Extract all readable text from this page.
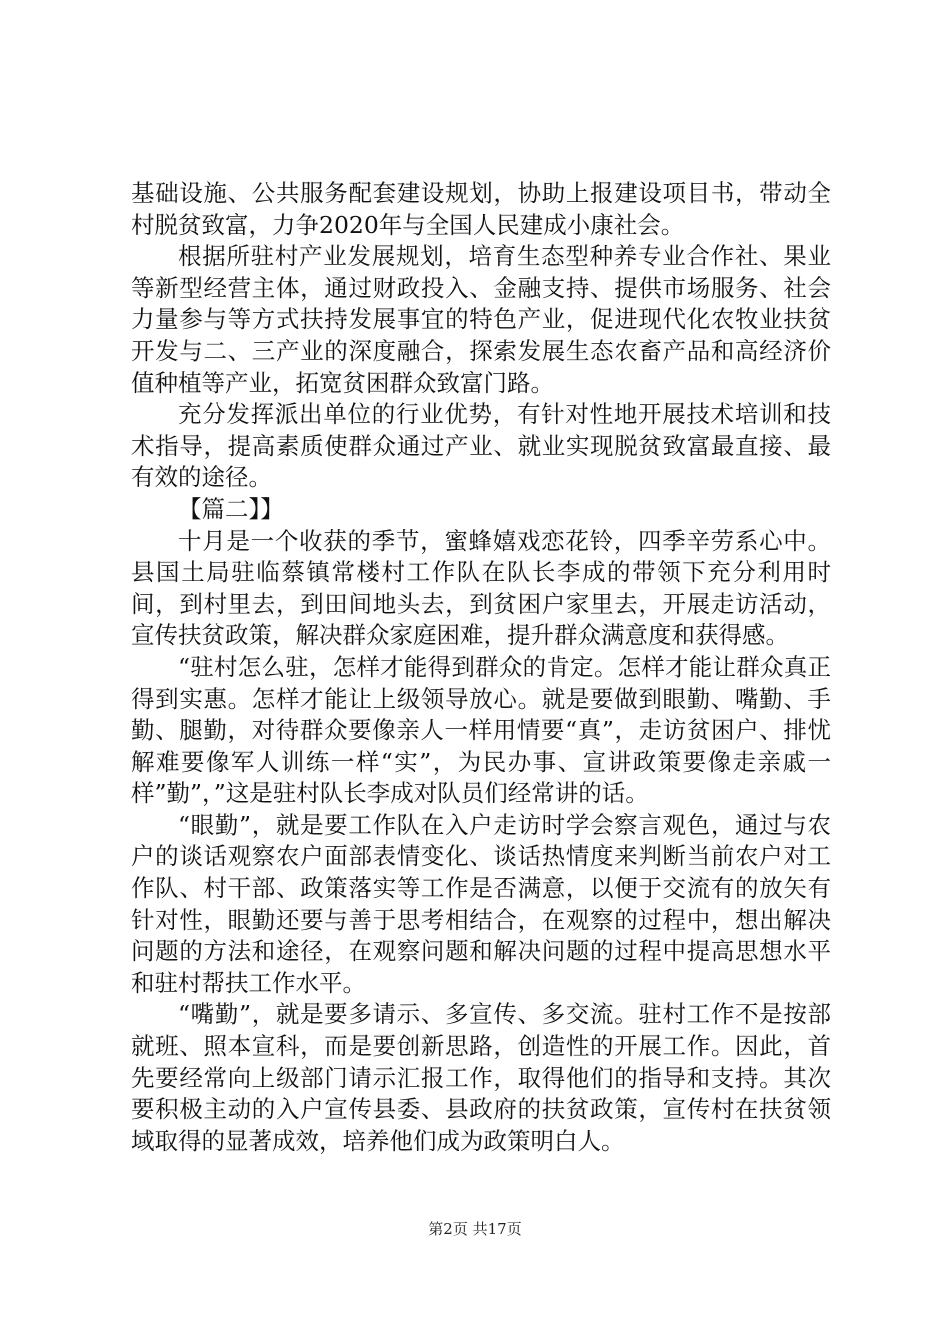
基础设施、公共服务配套建设规划，协助上报建设项目书，带动全村脱贫致富，力争2020年与全国人民建成小康社会。

根据所驻村产业发展规划，培育生态型种养专业合作社、果业等新型经营主体，通过财政投入、金融支持、提供市场服务、社会力量参与等方式扶持发展事宜的特色产业，促进现代化农牧业扶贫开发与二、三产业的深度融合，探索发展生态农畜产品和高经济价值种植等产业，拓宽贫困群众致富门路。

充分发挥派出单位的行业优势，有针对性地开展技术培训和技术指导，提高素质使群众通过产业、就业实现脱贫致富最直接、最有效的途径。

【篇二】】

十月是一个收获的季节，蜜蜂嬉戏恋花铃，四季辛劳系心中。县国土局驻临蔡镇常楼村工作队在队长李成的带领下充分利用时间，到村里去，到田间地头去，到贫困户家里去，开展走访活动，宣传扶贫政策，解决群众家庭困难，提升群众满意度和获得感。

“驻村怎么驻，怎样才能得到群众的肯定。怎样才能让群众真正得到实惠。怎样才能让上级领导放心。就是要做到眼勤、嘴勤、手勤、腿勤，对待群众要像亲人一样用情要“真”，走访贫困户、排忧解难要像军人训练一样“实”，为民办事、宣讲政策要像走亲戚一样”勤”，”这是驻村队长李成对队员们经常讲的话。

“眼勤”，就是要工作队在入户走访时学会察言观色，通过与农户的谈话观察农户面部表情变化、谈话热情度来判断当前农户对工作队、村干部、政策落实等工作是否满意，以便于交流有的放矢有针对性，眼勤还要与善于思考相结合，在观察的过程中，想出解决问题的方法和途径，在观察问题和解决问题的过程中提高思想水平和驻村帮扶工作水平。

“嘴勤”，就是要多请示、多宣传、多交流。驻村工作不是按部就班、照本宣科，而是要创新思路，创造性的开展工作。因此，首先要经常向上级部门请示汇报工作，取得他们的指导和支持。其次要积极主动的入户宣传县委、县政府的扶贫政策，宣传村在扶贫领域取得的显著成效，培养他们成为政策明白人。

第2页 共17页
